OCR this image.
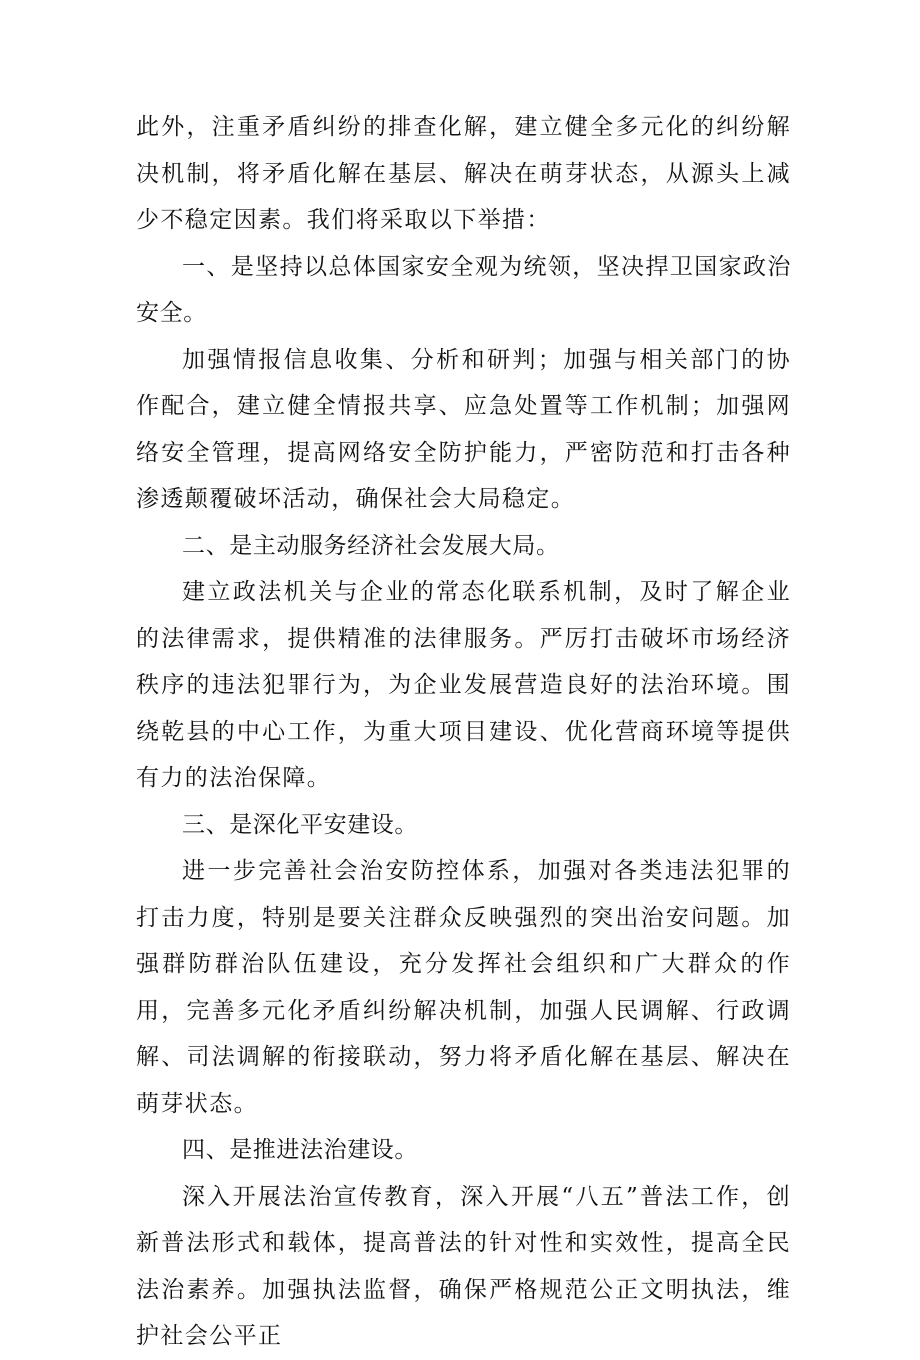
此外，注重矛盾纠纷的排查化解，建立健全多元化的纠纷解决机制，将矛盾化解在基层、解决在萌芽状态，从源头上减少不稳定因素。我们将采取以下举措：

一、是坚持以总体国家安全观为统领，坚决捍卫国家政治安全。

加强情报信息收集、分析和研判；加强与相关部门的协作配合，建立健全情报共享、应急处置等工作机制；加强网络安全管理，提高网络安全防护能力，严密防范和打击各种渗透颠覆破坏活动，确保社会大局稳定。

二、是主动服务经济社会发展大局。

建立政法机关与企业的常态化联系机制，及时了解企业的法律需求，提供精准的法律服务。严厉打击破坏市场经济秩序的违法犯罪行为，为企业发展营造良好的法治环境。围绕乾县的中心工作，为重大项目建设、优化营商环境等提供有力的法治保障。

三、是深化平安建设。

进一步完善社会治安防控体系，加强对各类违法犯罪的打击力度，特别是要关注群众反映强烈的突出治安问题。加强群防群治队伍建设，充分发挥社会组织和广大群众的作用，完善多元化矛盾纠纷解决机制，加强人民调解、行政调解、司法调解的衔接联动，努力将矛盾化解在基层、解决在萌芽状态。

四、是推进法治建设。

深入开展法治宣传教育，深入开展“八五”普法工作，创新普法形式和载体，提高普法的针对性和实效性，提高全民法治素养。加强执法监督，确保严格规范公正文明执法，维护社会公平正
